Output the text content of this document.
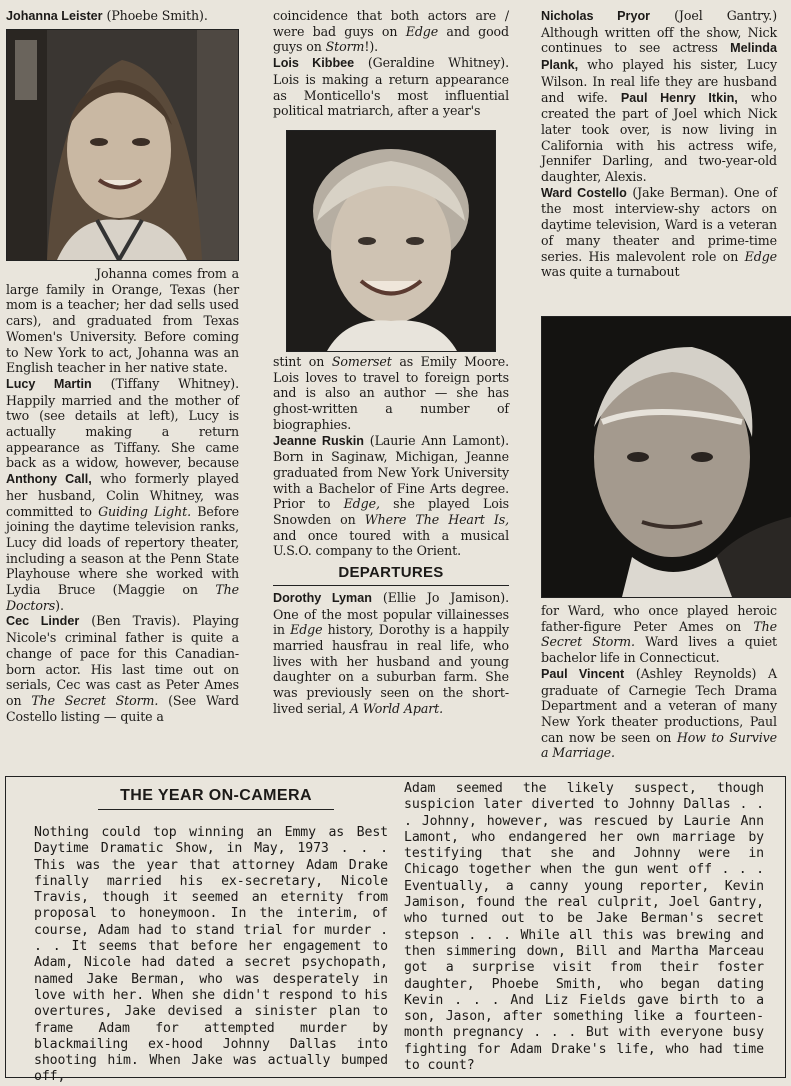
Johanna Leister (Phoebe Smith).

Johanna comes from a large family in Orange, Texas (her mom is a teacher; her dad sells used cars), and graduated from Texas Women's University. Before coming to New York to act, Johanna was an English teacher in her native state.

Lucy Martin (Tiffany Whitney). Happily married and the mother of two (see details at left), Lucy is actually making a return appearance as Tiffany. She came back as a widow, however, because Anthony Call, who formerly played her husband, Colin Whitney, was committed to Guiding Light. Before joining the daytime television ranks, Lucy did loads of repertory theater, including a season at the Penn State Playhouse where she worked with Lydia Bruce (Maggie on The Doctors).

Cec Linder (Ben Travis). Playing Nicole's criminal father is quite a change of pace for this Canadian-born actor. His last time out on serials, Cec was cast as Peter Ames on The Secret Storm. (See Ward Costello listing — quite a

coincidence that both actors are / were bad guys on Edge and good guys on Storm!).

Lois Kibbee (Geraldine Whitney). Lois is making a return appearance as Monticello's most influential political matriarch, after a year's

stint on Somerset as Emily Moore. Lois loves to travel to foreign ports and is also an author — she has ghost-written a number of biographies.

Jeanne Ruskin (Laurie Ann Lamont). Born in Saginaw, Michigan, Jeanne graduated from New York University with a Bachelor of Fine Arts degree. Prior to Edge, she played Lois Snowden on Where The Heart Is, and once toured with a musical U.S.O. company to the Orient.

DEPARTURES

Dorothy Lyman (Ellie Jo Jamison). One of the most popular villainesses in Edge history, Dorothy is a happily married hausfrau in real life, who lives with her husband and young daughter on a suburban farm. She was previously seen on the short-lived serial, A World Apart.

Nicholas Pryor (Joel Gantry.) Although written off the show, Nick continues to see actress Melinda Plank, who played his sister, Lucy Wilson. In real life they are husband and wife. Paul Henry Itkin, who created the part of Joel which Nick later took over, is now living in California with his actress wife, Jennifer Darling, and two-year-old daughter, Alexis.

Ward Costello (Jake Berman). One of the most interview-shy actors on daytime television, Ward is a veteran of many theater and prime-time series. His malevolent role on Edge was quite a turnabout

for Ward, who once played heroic father-figure Peter Ames on The Secret Storm. Ward lives a quiet bachelor life in Connecticut.

Paul Vincent (Ashley Reynolds) A graduate of Carnegie Tech Drama Department and a veteran of many New York theater productions, Paul can now be seen on How to Survive a Marriage.

THE YEAR ON-CAMERA

Nothing could top winning an Emmy as Best Daytime Dramatic Show, in May, 1973 . . . This was the year that attorney Adam Drake finally married his ex-secretary, Nicole Travis, though it seemed an eternity from proposal to honeymoon. In the interim, of course, Adam had to stand trial for murder . . . It seems that before her engagement to Adam, Nicole had dated a secret psychopath, named Jake Berman, who was desperately in love with her. When she didn't respond to his overtures, Jake devised a sinister plan to frame Adam for attempted murder by blackmailing ex-hood Johnny Dallas into shooting him. When Jake was actually bumped off,

Adam seemed the likely suspect, though suspicion later diverted to Johnny Dallas . . . Johnny, however, was rescued by Laurie Ann Lamont, who endangered her own marriage by testifying that she and Johnny were in Chicago together when the gun went off . . . Eventually, a canny young reporter, Kevin Jamison, found the real culprit, Joel Gantry, who turned out to be Jake Berman's secret stepson . . . While all this was brewing and then simmering down, Bill and Martha Marceau got a surprise visit from their foster daughter, Phoebe Smith, who began dating Kevin . . . And Liz Fields gave birth to a son, Jason, after something like a fourteen-month pregnancy . . . But with everyone busy fighting for Adam Drake's life, who had time to count?
